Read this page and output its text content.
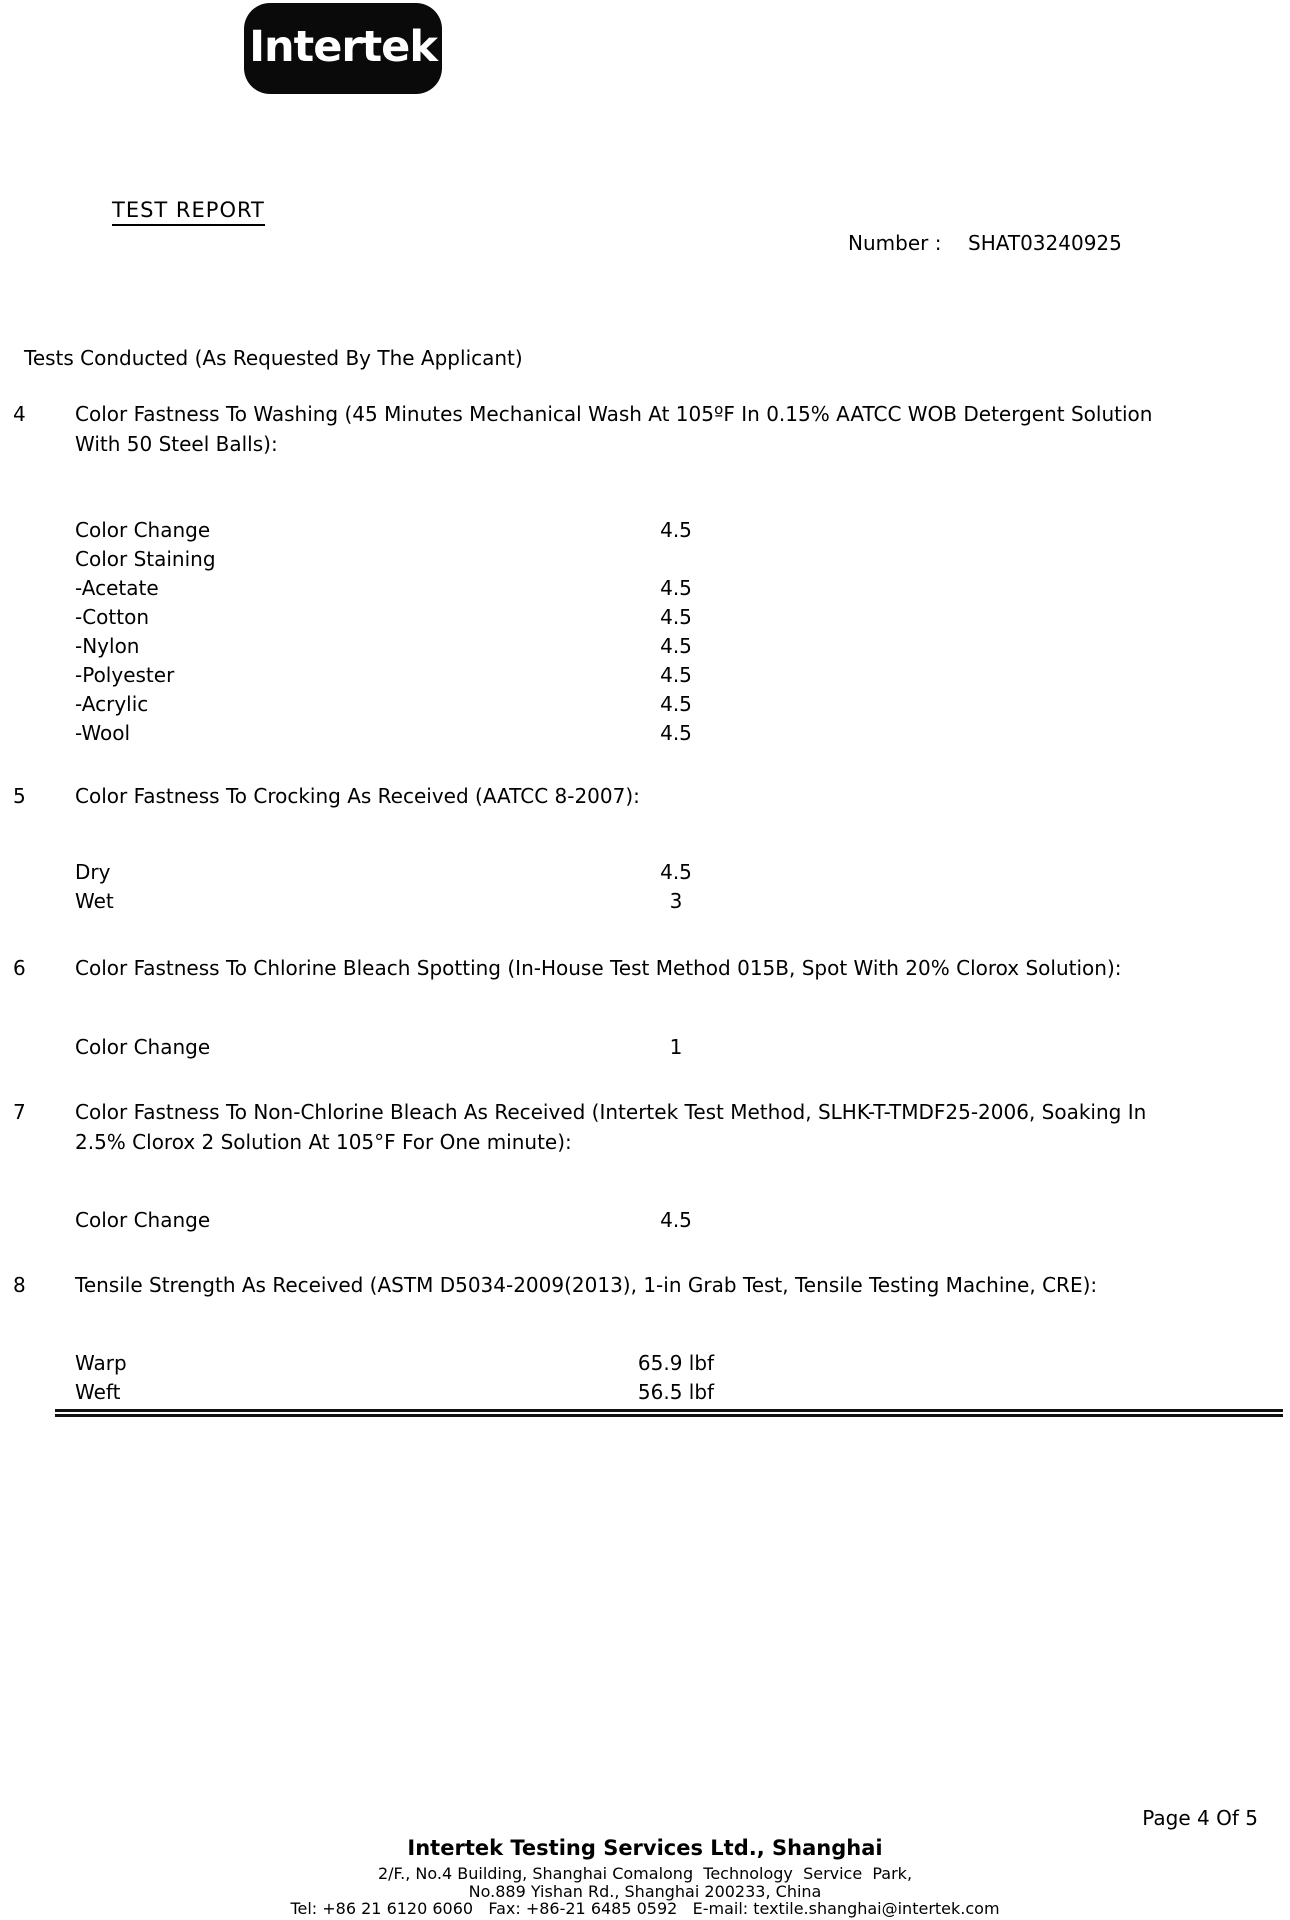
Intertek
TEST REPORT
Number : SHAT03240925
Tests Conducted (As Requested By The Applicant)
4 Color Fastness To Washing (45 Minutes Mechanical Wash At 105ºF In 0.15% AATCC WOB Detergent Solution
With 50 Steel Balls):
Color Change	4.5
Color Staining
-Acetate	4.5
-Cotton	4.5
-Nylon	4.5
-Polyester	4.5
-Acrylic	4.5
-Wool	4.5
5 Color Fastness To Crocking As Received (AATCC 8-2007):
Dry	4.5
Wet	3
6 Color Fastness To Chlorine Bleach Spotting (In-House Test Method 015B, Spot With 20% Clorox Solution):
Color Change	1
7 Color Fastness To Non-Chlorine Bleach As Received (Intertek Test Method, SLHK-T-TMDF25-2006, Soaking In
2.5% Clorox 2 Solution At 105°F For One minute):
Color Change	4.5
8 Tensile Strength As Received (ASTM D5034-2009(2013), 1-in Grab Test, Tensile Testing Machine, CRE):
Warp	65.9 lbf
Weft	56.5 lbf
Page 4 Of 5
Intertek Testing Services Ltd., Shanghai
2/F., No.4 Building, Shanghai Comalong  Technology  Service  Park,
No.889 Yishan Rd., Shanghai 200233, China
Tel: +86 21 6120 6060   Fax: +86-21 6485 0592   E-mail: textile.shanghai@intertek.com
